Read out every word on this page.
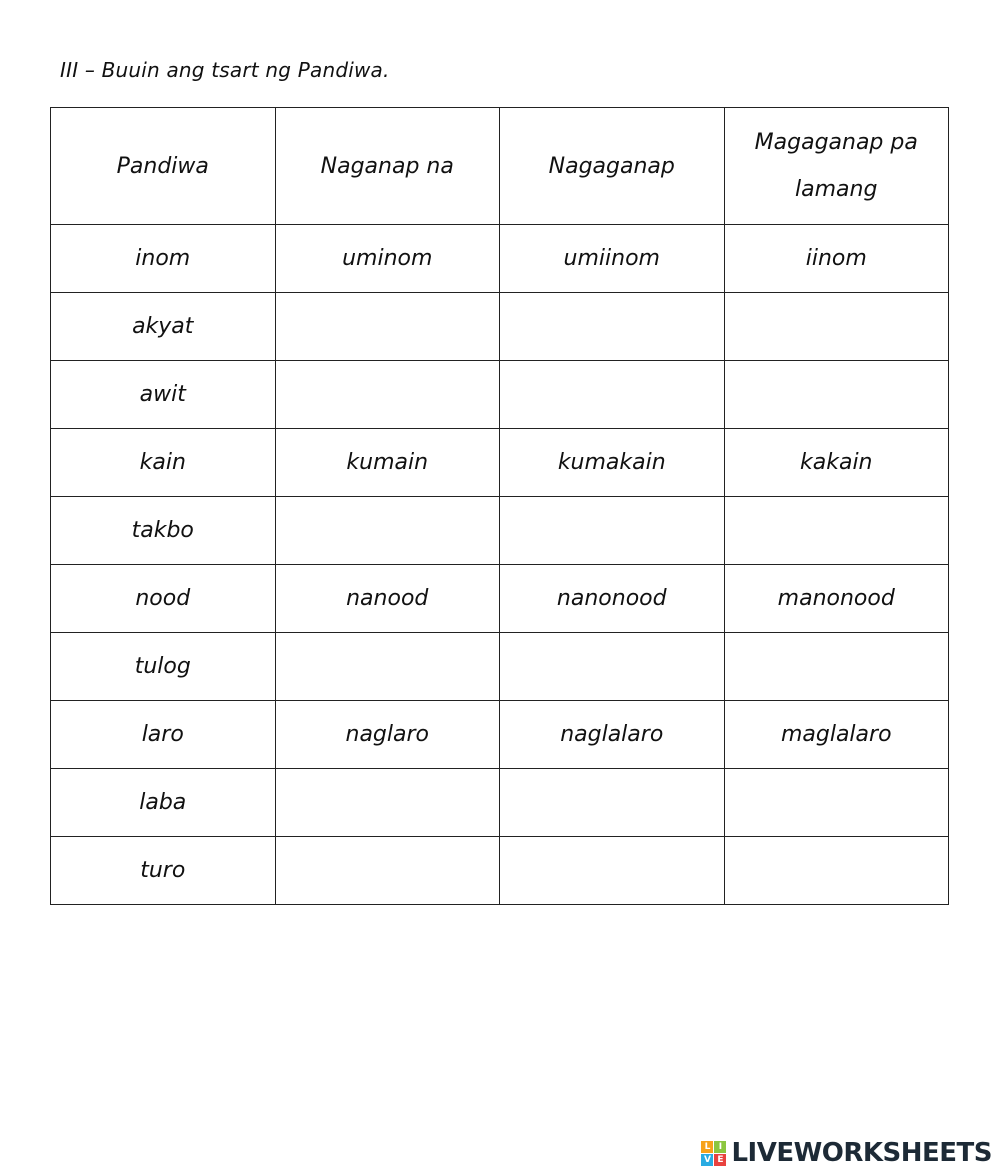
III – Buuin ang tsart ng Pandiwa.
Pandiwa	Naganap na	Nagaganap	Magaganap pa lamang
inom	uminom	umiinom	iinom
akyat			
awit			
kain	kumain	kumakain	kakain
takbo			
nood	nanood	nanonood	manonood
tulog			
laro	naglaro	naglalaro	maglalaro
laba			
turo			
L I
V E LIVEWORKSHEETS
